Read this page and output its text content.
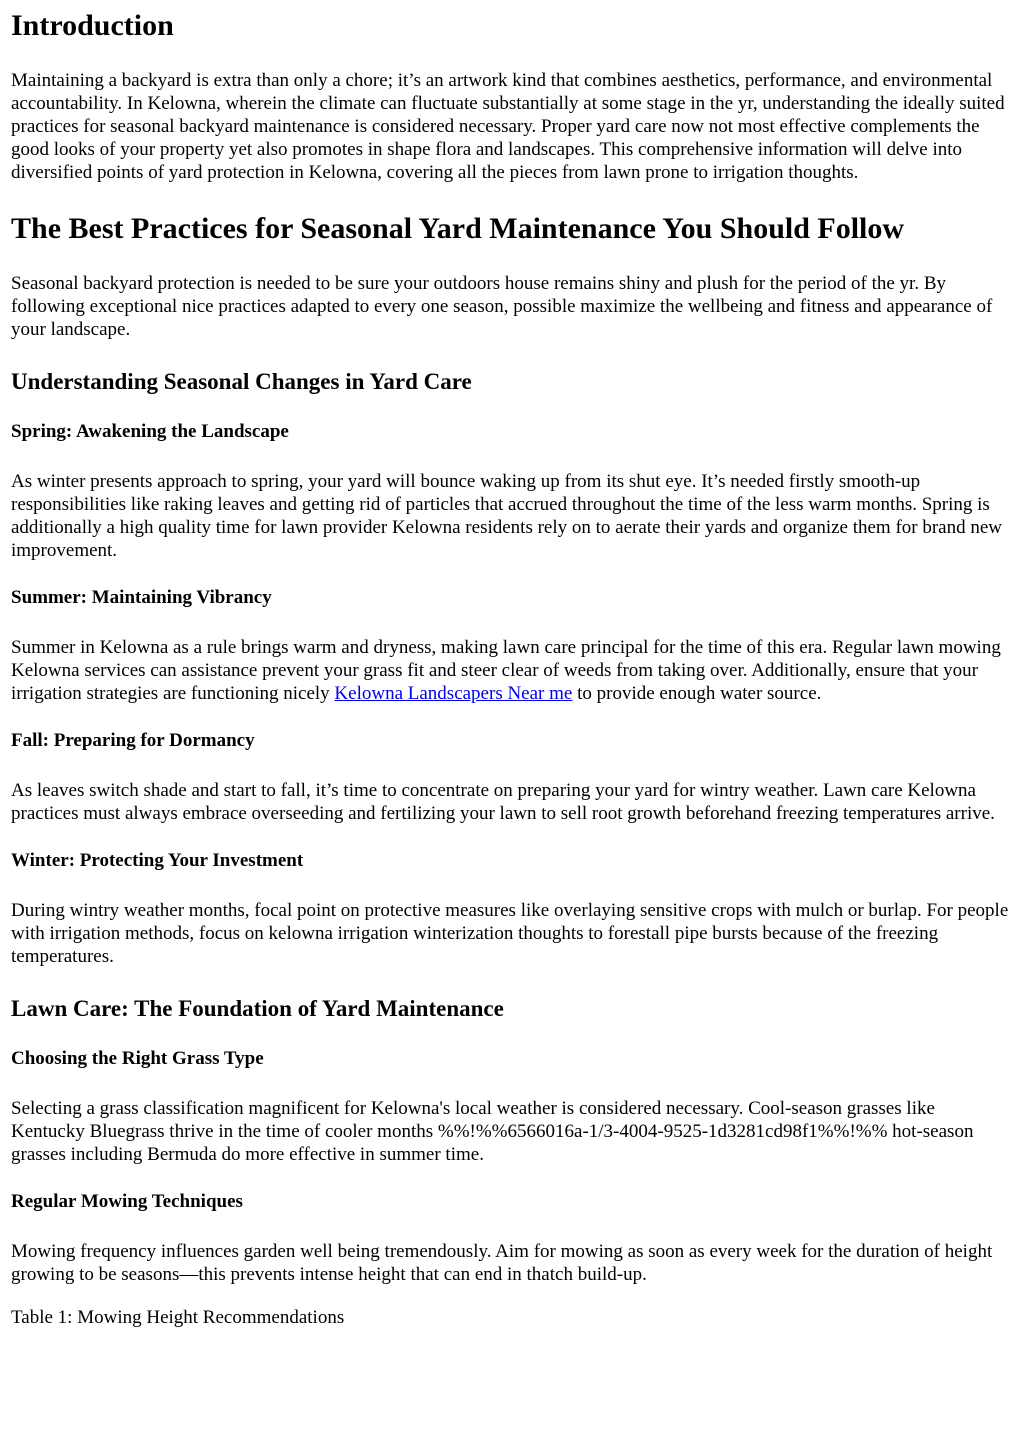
Introduction

Maintaining a backyard is extra than only a chore; it’s an artwork kind that combines aesthetics, performance, and environmental accountability. In Kelowna, wherein the climate can fluctuate substantially at some stage in the yr, understanding the ideally suited practices for seasonal backyard maintenance is considered necessary. Proper yard care now not most effective complements the good looks of your property yet also promotes in shape flora and landscapes. This comprehensive information will delve into diversified points of yard protection in Kelowna, covering all the pieces from lawn prone to irrigation thoughts.

The Best Practices for Seasonal Yard Maintenance You Should Follow

Seasonal backyard protection is needed to be sure your outdoors house remains shiny and plush for the period of the yr. By following exceptional nice practices adapted to every one season, possible maximize the wellbeing and fitness and appearance of your landscape.

Understanding Seasonal Changes in Yard Care
Spring: Awakening the Landscape

As winter presents approach to spring, your yard will bounce waking up from its shut eye. It’s needed firstly smooth-up responsibilities like raking leaves and getting rid of particles that accrued throughout the time of the less warm months. Spring is additionally a high quality time for lawn provider Kelowna residents rely on to aerate their yards and organize them for brand new improvement.

Summer: Maintaining Vibrancy

Summer in Kelowna as a rule brings warm and dryness, making lawn care principal for the time of this era. Regular lawn mowing Kelowna services can assistance prevent your grass fit and steer clear of weeds from taking over. Additionally, ensure that your irrigation strategies are functioning nicely Kelowna Landscapers Near me to provide enough water source.

Fall: Preparing for Dormancy

As leaves switch shade and start to fall, it’s time to concentrate on preparing your yard for wintry weather. Lawn care Kelowna practices must always embrace overseeding and fertilizing your lawn to sell root growth beforehand freezing temperatures arrive.

Winter: Protecting Your Investment

During wintry weather months, focal point on protective measures like overlaying sensitive crops with mulch or burlap. For people with irrigation methods, focus on kelowna irrigation winterization thoughts to forestall pipe bursts because of the freezing temperatures.

Lawn Care: The Foundation of Yard Maintenance
Choosing the Right Grass Type

Selecting a grass classification magnificent for Kelowna's local weather is considered necessary. Cool-season grasses like Kentucky Bluegrass thrive in the time of cooler months %%!%%6566016a-1/3-4004-9525-1d3281cd98f1%%!%% hot-season grasses including Bermuda do more effective in summer time.

Regular Mowing Techniques

Mowing frequency influences garden well being tremendously. Aim for mowing as soon as every week for the duration of height growing to be seasons—this prevents intense height that can end in thatch build-up.

Table 1: Mowing Height Recommendations
